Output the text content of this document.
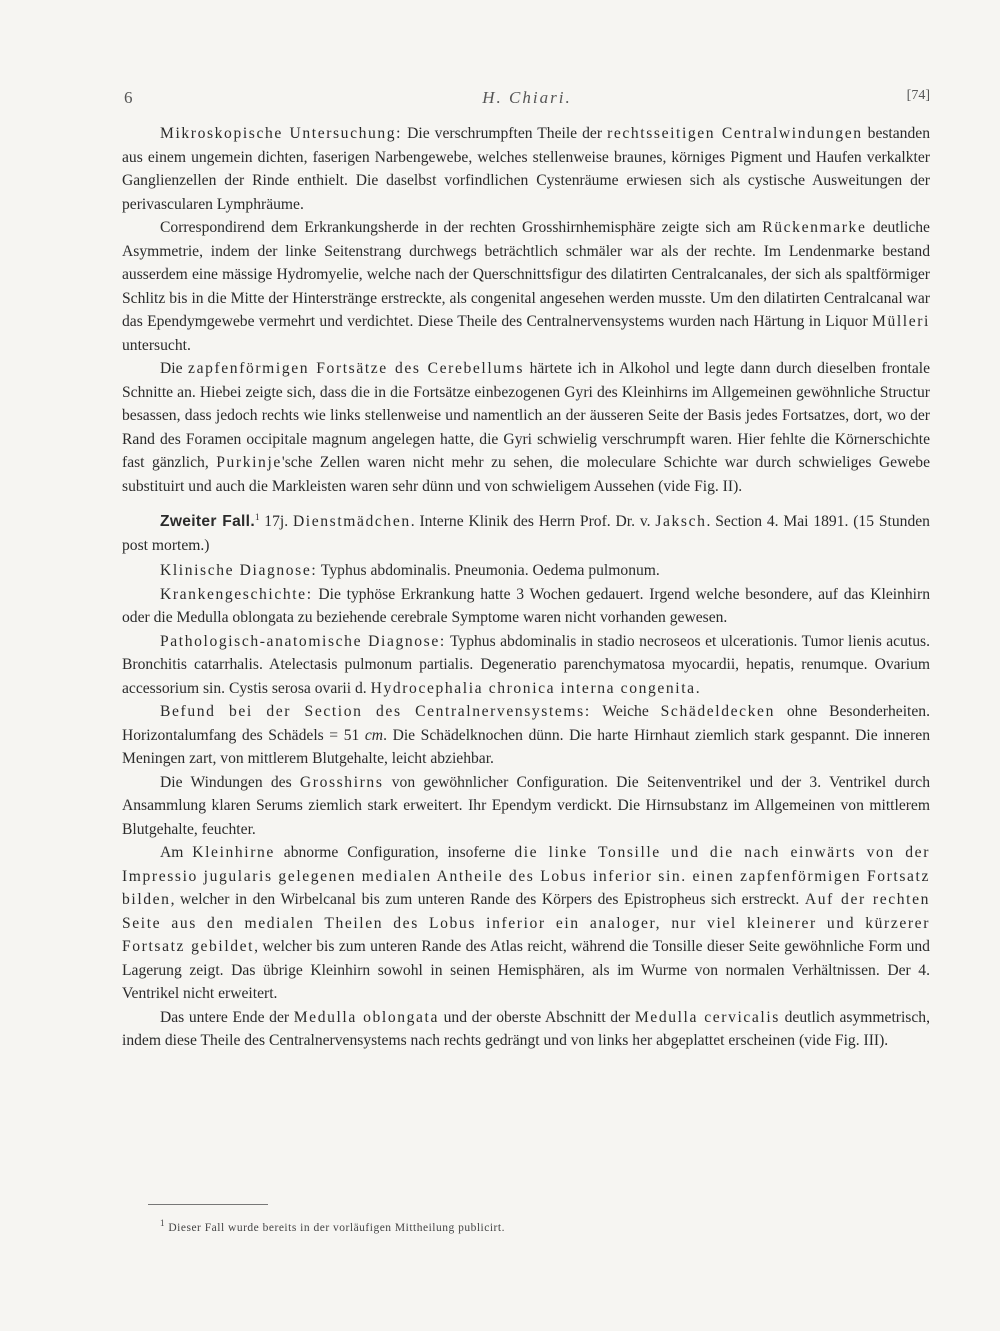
6	H. Chiari.	[74]

Mikroskopische Untersuchung: Die verschrumpften Theile der rechtsseitigen Centralwindungen bestanden aus einem ungemein dichten, faserigen Narbengewebe, welches stellenweise braunes, körniges Pigment und Haufen verkalkter Ganglienzellen der Rinde enthielt. Die daselbst vorfindlichen Cystenräume erwiesen sich als cystische Ausweitungen der perivascularen Lymphräume.

Correspondirend dem Erkrankungsherde in der rechten Grosshirnhemisphäre zeigte sich am Rückenmarke deutliche Asymmetrie, indem der linke Seitenstrang durchwegs beträchtlich schmäler war als der rechte. Im Lendenmarke bestand ausserdem eine mässige Hydromyelie, welche nach der Querschnittsfigur des dilatirten Centralcanales, der sich als spaltförmiger Schlitz bis in die Mitte der Hinterstränge erstreckte, als congenital angesehen werden musste. Um den dilatirten Centralcanal war das Ependymgewebe vermehrt und verdichtet. Diese Theile des Centralnervensystems wurden nach Härtung in Liquor Mülleri untersucht.

Die zapfenförmigen Fortsätze des Cerebellums härtete ich in Alkohol und legte dann durch dieselben frontale Schnitte an. Hiebei zeigte sich, dass die in die Fortsätze einbezogenen Gyri des Kleinhirns im Allgemeinen gewöhnliche Structur besassen, dass jedoch rechts wie links stellenweise und namentlich an der äusseren Seite der Basis jedes Fortsatzes, dort, wo der Rand des Foramen occipitale magnum angelegen hatte, die Gyri schwielig verschrumpft waren. Hier fehlte die Körnerschichte fast gänzlich, Purkinje'sche Zellen waren nicht mehr zu sehen, die moleculare Schichte war durch schwieliges Gewebe substituirt und auch die Markleisten waren sehr dünn und von schwieligem Aussehen (vide Fig. II).

Zweiter Fall.$^1$ 17j. Dienstmädchen. Interne Klinik des Herrn Prof. Dr. v. Jaksch. Section 4. Mai 1891. (15 Stunden post mortem.)

Klinische Diagnose: Typhus abdominalis. Pneumonia. Oedema pulmonum.

Krankengeschichte: Die typhöse Erkrankung hatte 3 Wochen gedauert. Irgend welche besondere, auf das Kleinhirn oder die Medulla oblongata zu beziehende cerebrale Symptome waren nicht vorhanden gewesen.

Pathologisch-anatomische Diagnose: Typhus abdominalis in stadio necroseos et ulcerationis. Tumor lienis acutus. Bronchitis catarrhalis. Atelectasis pulmonum partialis. Degeneratio parenchymatosa myocardii, hepatis, renumque. Ovarium accessorium sin. Cystis serosa ovarii d. Hydrocephalia chronica interna congenita.

Befund bei der Section des Centralnervensystems: Weiche Schädeldecken ohne Besonderheiten. Horizontalumfang des Schädels = 51 cm. Die Schädelknochen dünn. Die harte Hirnhaut ziemlich stark gespannt. Die inneren Meningen zart, von mittlerem Blutgehalte, leicht abziehbar.

Die Windungen des Grosshirns von gewöhnlicher Configuration. Die Seitenventrikel und der 3. Ventrikel durch Ansammlung klaren Serums ziemlich stark erweitert. Ihr Ependym verdickt. Die Hirnsubstanz im Allgemeinen von mittlerem Blutgehalte, feuchter.

Am Kleinhirne abnorme Configuration, insoferne die linke Tonsille und die nach einwärts von der Impressio jugularis gelegenen medialen Antheile des Lobus inferior sin. einen zapfenförmigen Fortsatz bilden, welcher in den Wirbelcanal bis zum unteren Rande des Körpers des Epistropheus sich erstreckt. Auf der rechten Seite aus den medialen Theilen des Lobus inferior ein analoger, nur viel kleinerer und kürzerer Fortsatz gebildet, welcher bis zum unteren Rande des Atlas reicht, während die Tonsille dieser Seite gewöhnliche Form und Lagerung zeigt. Das übrige Kleinhirn sowohl in seinen Hemisphären, als im Wurme von normalen Verhältnissen. Der 4. Ventrikel nicht erweitert.

Das untere Ende der Medulla oblongata und der oberste Abschnitt der Medulla cervicalis deutlich asymmetrisch, indem diese Theile des Centralnervensystems nach rechts gedrängt und von links her abgeplattet erscheinen (vide Fig. III).

$^1$ Dieser Fall wurde bereits in der vorläufigen Mittheilung publicirt.
